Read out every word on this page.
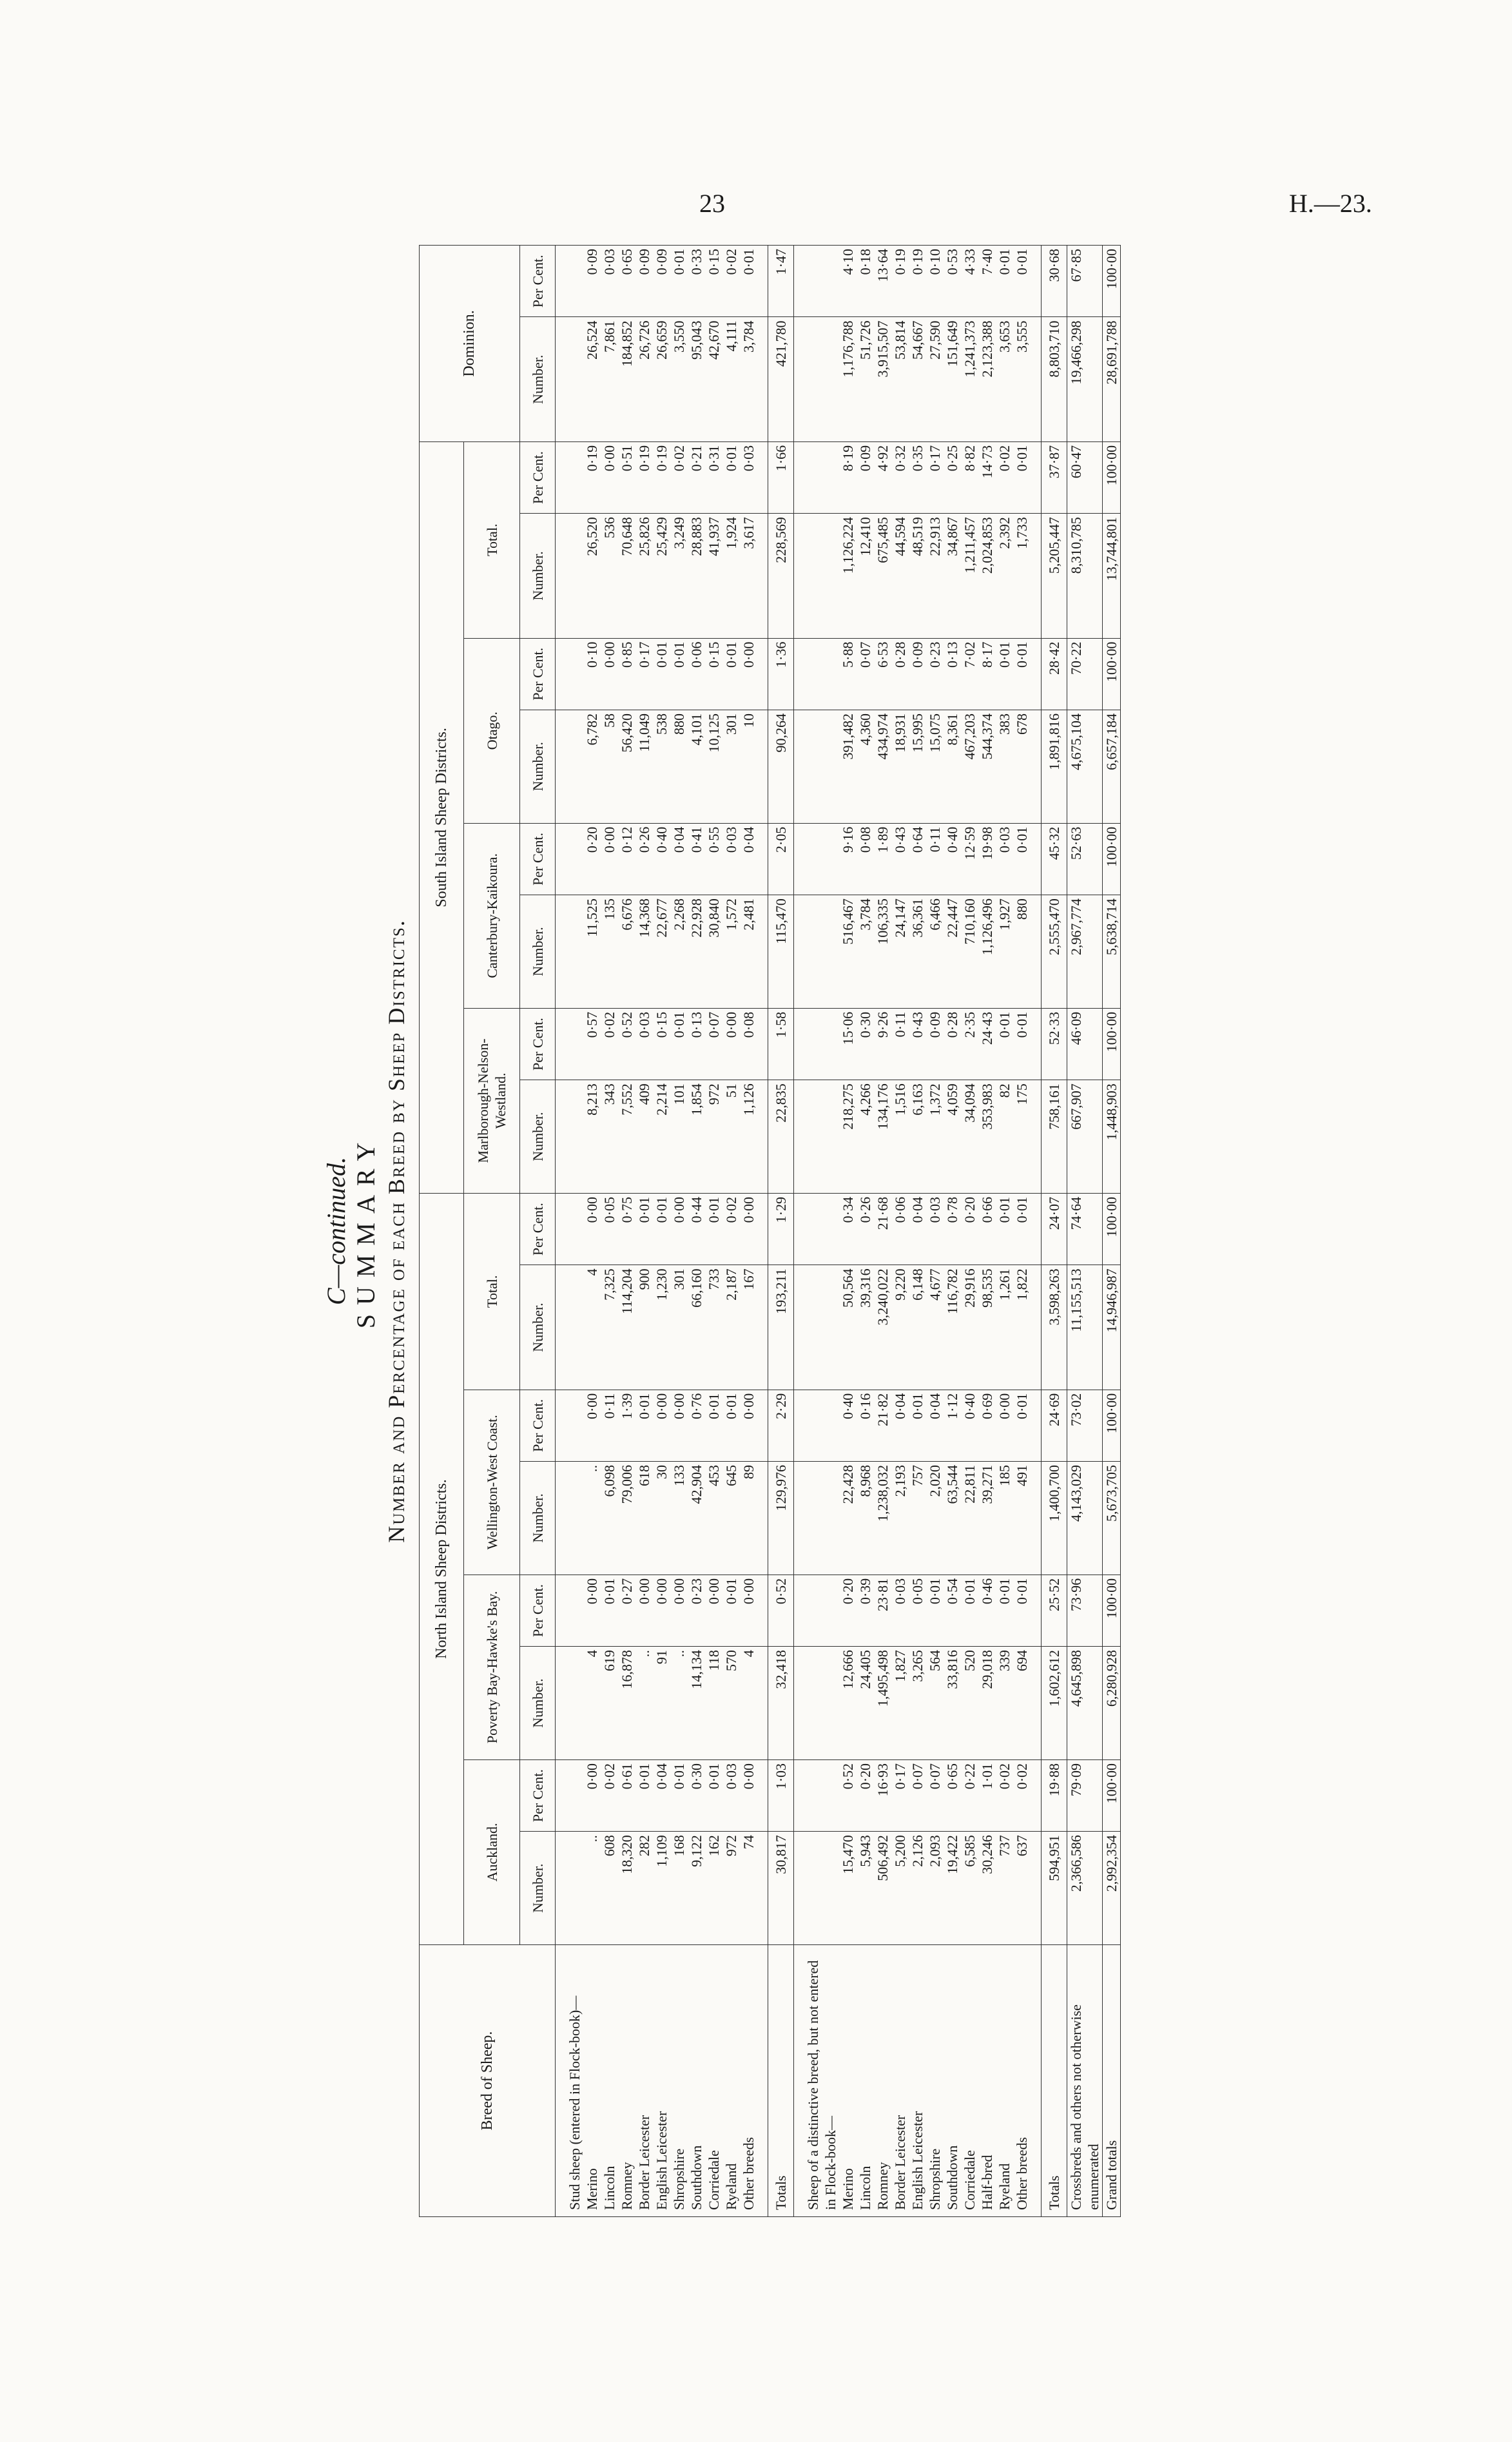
23	H.—23.
C—continued. SUMMARY Number and Percentage of each Breed by Sheep Districts.
Breed of Sheep.	North Island Sheep Districts.								South Island Sheep Districts.								Dominion.	
	Auckland.		Poverty Bay-Hawke's Bay.		Wellington-West Coast.		Total.		Marlborough-Nelson-Westland.		Canterbury-Kaikoura.		Otago.		Total.			
	Number.	Per Cent.	Number.	Per Cent.	Number.	Per Cent.	Number.	Per Cent.	Number.	Per Cent.	Number.	Per Cent.	Number.	Per Cent.	Number.	Per Cent.	Number.	Per Cent.

Stud sheep (entered in Flock-book)—																		
Merino	..	0·00	4	0·00	..	0·00	4	0·00	8,213	0·57	11,525	0·20	6,782	0·10	26,520	0·19	26,524	0·09
Lincoln	608	0·02	619	0·01	6,098	0·11	7,325	0·05	343	0·02	135	0·00	58	0·00	536	0·00	7,861	0·03
Romney	18,320	0·61	16,878	0·27	79,006	1·39	114,204	0·75	7,552	0·52	6,676	0·12	56,420	0·85	70,648	0·51	184,852	0·65
Border Leicester	282	0·01	..	0·00	618	0·01	900	0·01	409	0·03	14,368	0·26	11,049	0·17	25,826	0·19	26,726	0·09
English Leicester	1,109	0·04	91	0·00	30	0·00	1,230	0·01	2,214	0·15	22,677	0·40	538	0·01	25,429	0·19	26,659	0·09
Shropshire	168	0·01	..	0·00	133	0·00	301	0·00	101	0·01	2,268	0·04	880	0·01	3,249	0·02	3,550	0·01
Southdown	9,122	0·30	14,134	0·23	42,904	0·76	66,160	0·44	1,854	0·13	22,928	0·41	4,101	0·06	28,883	0·21	95,043	0·33
Corriedale	162	0·01	118	0·00	453	0·01	733	0·01	972	0·07	30,840	0·55	10,125	0·15	41,937	0·31	42,670	0·15
Ryeland	972	0·03	570	0·01	645	0·01	2,187	0·02	51	0·00	1,572	0·03	301	0·01	1,924	0·01	4,111	0·02
Other breeds	74	0·00	4	0·00	89	0·00	167	0·00	1,126	0·08	2,481	0·04	10	0·00	3,617	0·03	3,784	0·01

Totals	30,817	1·03	32,418	0·52	129,976	2·29	193,211	1·29	22,835	1·58	115,470	2·05	90,264	1·36	228,569	1·66	421,780	1·47

Sheep of a distinctive breed, but not entered in Flock-book—																		
Merino	15,470	0·52	12,666	0·20	22,428	0·40	50,564	0·34	218,275	15·06	516,467	9·16	391,482	5·88	1,126,224	8·19	1,176,788	4·10
Lincoln	5,943	0·20	24,405	0·39	8,968	0·16	39,316	0·26	4,266	0·30	3,784	0·08	4,360	0·07	12,410	0·09	51,726	0·18
Romney	506,492	16·93	1,495,498	23·81	1,238,032	21·82	3,240,022	21·68	134,176	9·26	106,335	1·89	434,974	6·53	675,485	4·92	3,915,507	13·64
Border Leicester	5,200	0·17	1,827	0·03	2,193	0·04	9,220	0·06	1,516	0·11	24,147	0·43	18,931	0·28	44,594	0·32	53,814	0·19
English Leicester	2,126	0·07	3,265	0·05	757	0·01	6,148	0·04	6,163	0·43	36,361	0·64	15,995	0·09	48,519	0·35	54,667	0·19
Shropshire	2,093	0·07	564	0·01	2,020	0·04	4,677	0·03	1,372	0·09	6,466	0·11	15,075	0·23	22,913	0·17	27,590	0·10
Southdown	19,422	0·65	33,816	0·54	63,544	1·12	116,782	0·78	4,059	0·28	22,447	0·40	8,361	0·13	34,867	0·25	151,649	0·53
Corriedale	6,585	0·22	520	0·01	22,811	0·40	29,916	0·20	34,094	2·35	710,160	12·59	467,203	7·02	1,211,457	8·82	1,241,373	4·33
Half-bred	30,246	1·01	29,018	0·46	39,271	0·69	98,535	0·66	353,983	24·43	1,126,496	19·98	544,374	8·17	2,024,853	14·73	2,123,388	7·40
Ryeland	737	0·02	339	0·01	185	0·00	1,261	0·01	82	0·01	1,927	0·03	383	0·01	2,392	0·02	3,653	0·01
Other breeds	637	0·02	694	0·01	491	0·01	1,822	0·01	175	0·01	880	0·01	678	0·01	1,733	0·01	3,555	0·01

Totals	594,951	19·88	1,602,612	25·52	1,400,700	24·69	3,598,263	24·07	758,161	52·33	2,555,470	45·32	1,891,816	28·42	5,205,447	37·87	8,803,710	30·68
Crossbreds and others not otherwise enumerated	2,366,586	79·09	4,645,898	73·96	4,143,029	73·02	11,155,513	74·64	667,907	46·09	2,967,774	52·63	4,675,104	70·22	8,310,785	60·47	19,466,298	67·85
Grand totals	2,992,354	100·00	6,280,928	100·00	5,673,705	100·00	14,946,987	100·00	1,448,903	100·00	5,638,714	100·00	6,657,184	100·00	13,744,801	100·00	28,691,788	100·00
